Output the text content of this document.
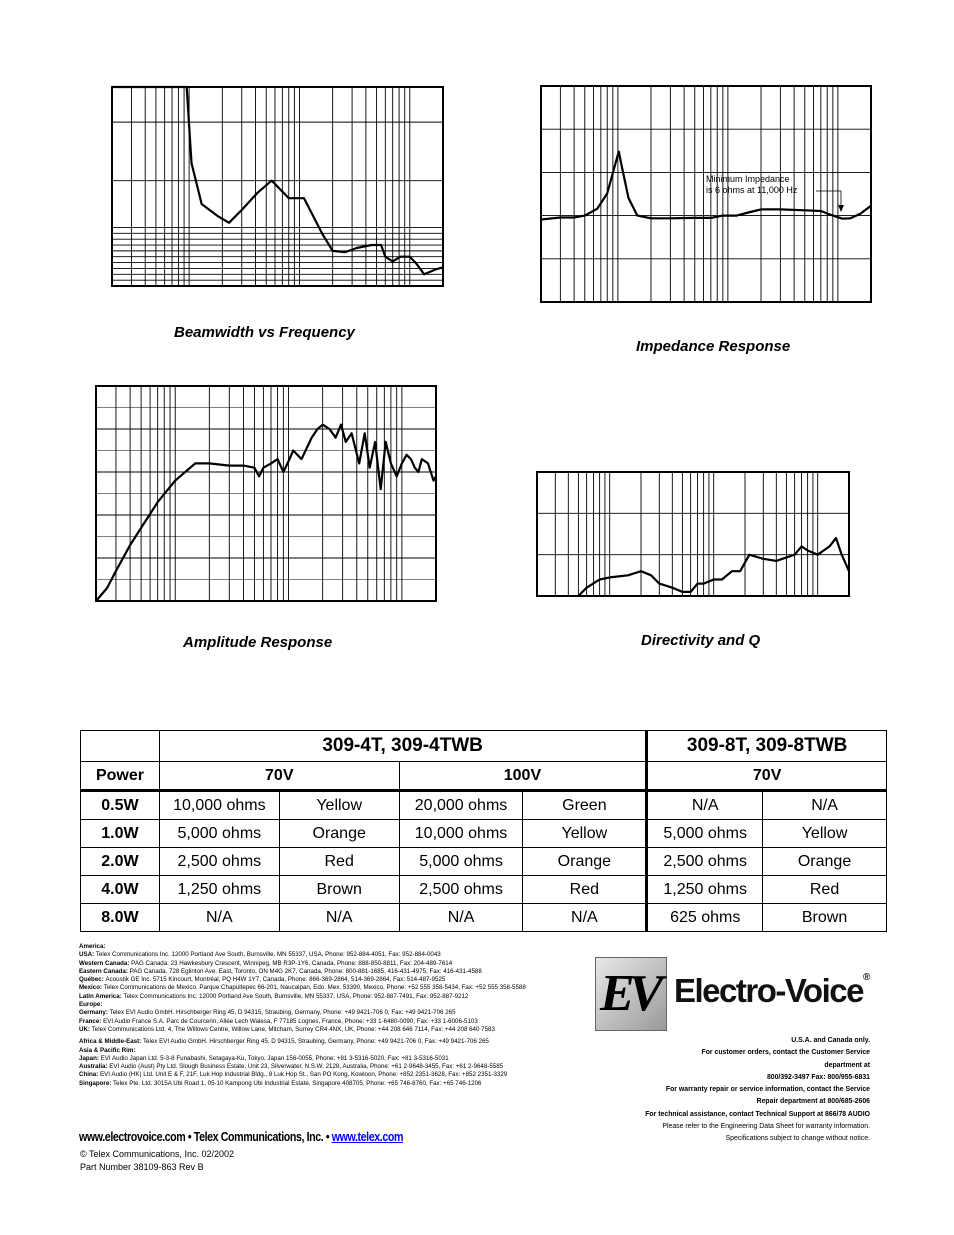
Beamwidth vs Frequency
Minimum Impedance is 6 ohms at 11,000 Hz
Impedance Response
Amplitude Response	Directivity and Q
	309-4T, 309-4TWB				309-8T, 309-8TWB	
Power	70V		100V		70V	
0.5W	10,000 ohms	Yellow	20,000 ohms	Green	N/A	N/A
1.0W	5,000 ohms	Orange	10,000 ohms	Yellow	5,000 ohms	Yellow
2.0W	2,500 ohms	Red	5,000 ohms	Orange	2,500 ohms	Orange
4.0W	1,250 ohms	Brown	2,500 ohms	Red	1,250 ohms	Red
8.0W	N/A	N/A	N/A	N/A	625 ohms	Brown
America:
USA: Telex Communications Inc. 12000 Portland Ave South, Burnsville, MN 55337, USA, Phone: 952-884-4051, Fax: 952-884-0043
Western Canada: PAG Canada. 23 Hawkesbury Crescent, Winnipeg, MB R3P-1Y6, Canada, Phone: 888-850-8811, Fax: 204-489-7614
Eastern Canada: PAG Canada. 728 Eglinton Ave. East, Toronto, ON M4G 2K7, Canada, Phone: 800-881-1685, 416-431-4975, Fax: 416-431-4588
Québec: Acoustik GE Inc. 5715 Kincourt, Montréal, PQ H4W 1Y7, Canada, Phone: 866-369-2864, 514-369-2864, Fax: 514-487-9525
Mexico: Telex Communications de Mexico. Parque Chapultepec 66-201, Naucalpan, Edo. Mex. 53390, Mexico, Phone: +52 555 358-5434, Fax: +52 555 358-5588
Latin America: Telex Communications Inc. 12000 Portland Ave South, Burnsville, MN 55337, USA, Phone: 952-887-7491, Fax: 952-887-9212
Europe:
Germany: Telex EVI Audio GmbH. Hirschberger Ring 45, D 94315, Straubing, Germany, Phone: +49 9421-706 0, Fax: +49 9421-706 265
France: EVI Audio France S.A. Parc de Courcerin, Allée Lech Walesa, F 77185 Lognes, France, Phone: +33 1-6480-0090, Fax: +33 1-6006-5103
UK: Telex Communications Ltd. 4, The Willows Centre, Willow Lane, Mitcham, Surrey CR4 4NX, UK, Phone: +44 208 646 7114, Fax: +44 208 640 7583
Africa & Middle-East: Telex EVI Audio GmbH. Hirschberger Ring 45, D 94315, Straubing, Germany, Phone: +49 9421-706 0, Fax: +49 9421-706 265
Asia & Pacific Rim:
Japan: EVI Audio Japan Ltd. 5-3-8 Funabashi, Setagaya-Ku, Tokyo, Japan 156-0055, Phone: +81 3-5316-5020, Fax: +81 3-5316-5031
Australia: EVI Audio (Aust) Pty Ltd. Slough Business Estate, Unit 23, Silverwater, N.S.W. 2128, Australia, Phone: +61 2-9648-3455, Fax: +61 2-9648-5585
China: EVI Audio (HK) Ltd. Unit E & F, 21F, Luk Hop Industrial Bldg., 8 Luk Hop St., San PO Kong, Kowloon, Phone: +852 2351-3628, Fax: +852 2351-3329
Singapore: Telex Pte. Ltd. 3015A Ubi Road 1, 05-10 Kampong Ubi Industrial Estate, Singapore 408705, Phone: +65 746-8760, Fax: +65 746-1206
www.electrovoice.com • Telex Communications, Inc. • www.telex.com
© Telex Communications, Inc. 02/2002
Part Number 38109-863 Rev B
EV Electro-Voice®
U.S.A. and Canada only.
For customer orders, contact the Customer Service
department at
800/392-3497 Fax: 800/955-6831
For warranty repair or service information, contact the Service
Repair department at 800/685-2606
For technical assistance, contact Technical Support at 866/78 AUDIO
Please refer to the Engineering Data Sheet for warranty information.
Specifications subject to change without notice.
